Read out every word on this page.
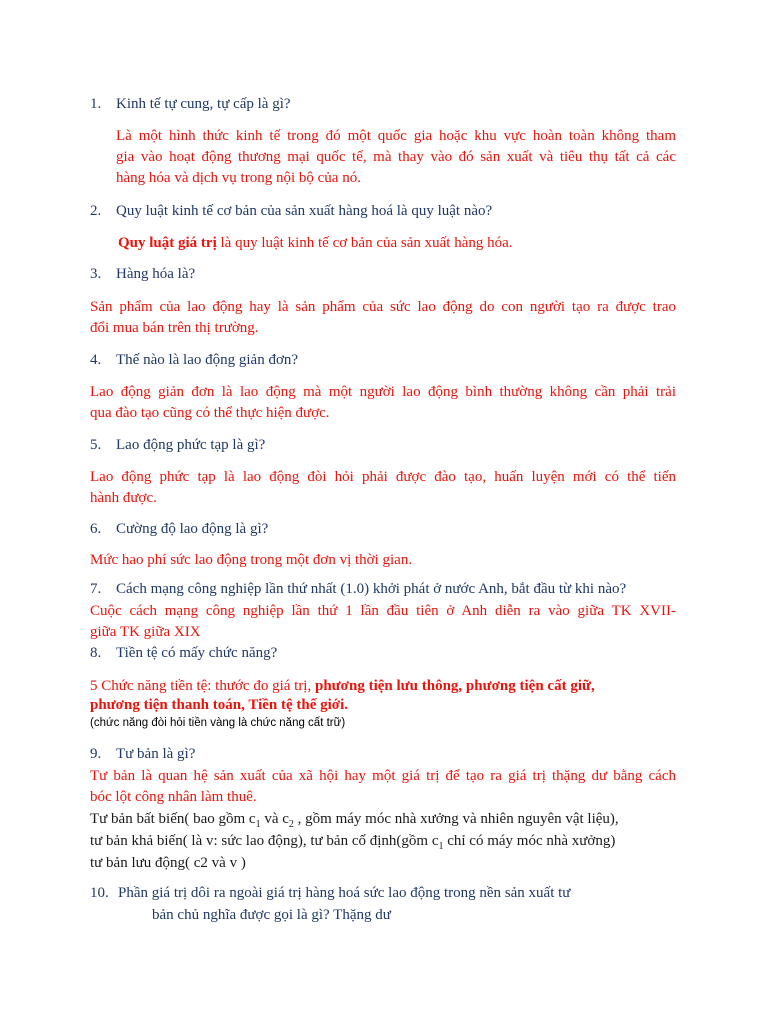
1. Kinh tế tự cung, tự cấp là gì?
Là một hình thức kinh tế trong đó một quốc gia hoặc khu vực hoàn toàn không tham
gia vào hoạt động thương mại quốc tế, mà thay vào đó sản xuất và tiêu thụ tất cả các
hàng hóa và dịch vụ trong nội bộ của nó.
2. Quy luật kinh tế cơ bản của sản xuất hàng hoá là quy luật nào?
Quy luật giá trị là quy luật kinh tế cơ bản của sản xuất hàng hóa.
3. Hàng hóa là?
Sản phẩm của lao động hay là sản phẩm của sức lao động do con người tạo ra được trao
đổi mua bán trên thị trường.
4. Thế nào là lao động giản đơn?
Lao động giản đơn là lao động mà một người lao động bình thường không cần phải trải
qua đào tạo cũng có thể thực hiện được.
5. Lao động phức tạp là gì?
Lao động phức tạp là lao động đòi hỏi phải được đào tạo, huấn luyện mới có thể tiến
hành được.
6. Cường độ lao động là gì?
Mức hao phí sức lao động trong một đơn vị thời gian.
7. Cách mạng công nghiệp lần thứ nhất (1.0) khởi phát ở nước Anh, bắt đầu từ khi nào?
Cuộc cách mạng công nghiệp lần thứ 1 lần đầu tiên ở Anh diễn ra vào giữa TK XVII-
giữa TK giữa XIX
8. Tiền tệ có mấy chức năng?
5 Chức năng tiền tệ: thước đo giá trị, phương tiện lưu thông, phương tiện cất giữ,
phương tiện thanh toán, Tiền tệ thế giới.
(chức năng đòi hỏi tiền vàng là chức năng cất trữ)
9. Tư bản là gì?
Tư bản là quan hệ sản xuất của xã hội hay một giá trị để tạo ra giá trị thặng dư bằng cách
bóc lột công nhân làm thuê.
Tư bản bất biến( bao gồm $c_1$ và $c_2$ , gồm máy móc nhà xưởng và nhiên nguyên vật liệu),
tư bản khả biến( là v: sức lao động), tư bản cố định(gồm $c_1$ chỉ có máy móc nhà xưởng)
tư bản lưu động( c2 và v )
10. Phần giá trị dôi ra ngoài giá trị hàng hoá sức lao động trong nền sản xuất tư
bản chủ nghĩa được gọi là gì? Thặng dư
